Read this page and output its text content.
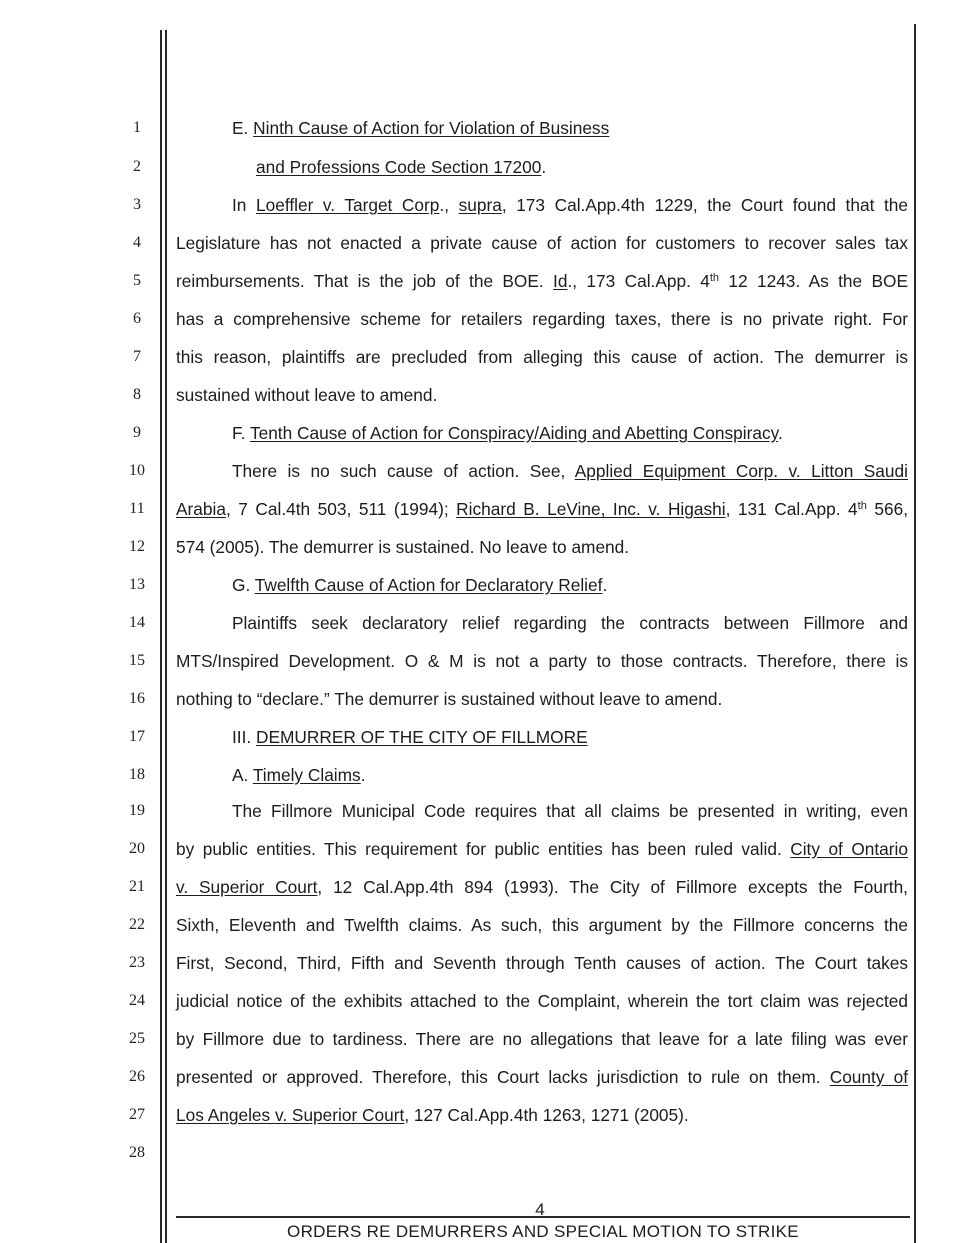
1	E. Ninth Cause of Action for Violation of Business
2	and Professions Code Section 17200.
3	In Loeffler v. Target Corp., supra, 173 Cal.App.4th 1229, the Court found that the
4	Legislature has not enacted a private cause of action for customers to recover sales tax
5	reimbursements. That is the job of the BOE. Id., 173 Cal.App. 4th 12 1243. As the BOE
6	has a comprehensive scheme for retailers regarding taxes, there is no private right. For
7	this reason, plaintiffs are precluded from alleging this cause of action. The demurrer is
8	sustained without leave to amend.
9	F. Tenth Cause of Action for Conspiracy/Aiding and Abetting Conspiracy.
10	There is no such cause of action. See, Applied Equipment Corp. v. Litton Saudi
11	Arabia, 7 Cal.4th 503, 511 (1994); Richard B. LeVine, Inc. v. Higashi, 131 Cal.App. 4th 566,
12	574 (2005). The demurrer is sustained. No leave to amend.
13	G. Twelfth Cause of Action for Declaratory Relief.
14	Plaintiffs seek declaratory relief regarding the contracts between Fillmore and
15	MTS/Inspired Development. O & M is not a party to those contracts. Therefore, there is
16	nothing to “declare.” The demurrer is sustained without leave to amend.
17	III. DEMURRER OF THE CITY OF FILLMORE
18	A. Timely Claims.
19	The Fillmore Municipal Code requires that all claims be presented in writing, even
20	by public entities. This requirement for public entities has been ruled valid. City of Ontario
21	v. Superior Court, 12 Cal.App.4th 894 (1993). The City of Fillmore excepts the Fourth,
22	Sixth, Eleventh and Twelfth claims. As such, this argument by the Fillmore concerns the
23	First, Second, Third, Fifth and Seventh through Tenth causes of action. The Court takes
24	judicial notice of the exhibits attached to the Complaint, wherein the tort claim was rejected
25	by Fillmore due to tardiness. There are no allegations that leave for a late filing was ever
26	presented or approved. Therefore, this Court lacks jurisdiction to rule on them. County of
27	Los Angeles v. Superior Court, 127 Cal.App.4th 1263, 1271 (2005).
28
4
ORDERS RE DEMURRERS AND SPECIAL MOTION TO STRIKE
